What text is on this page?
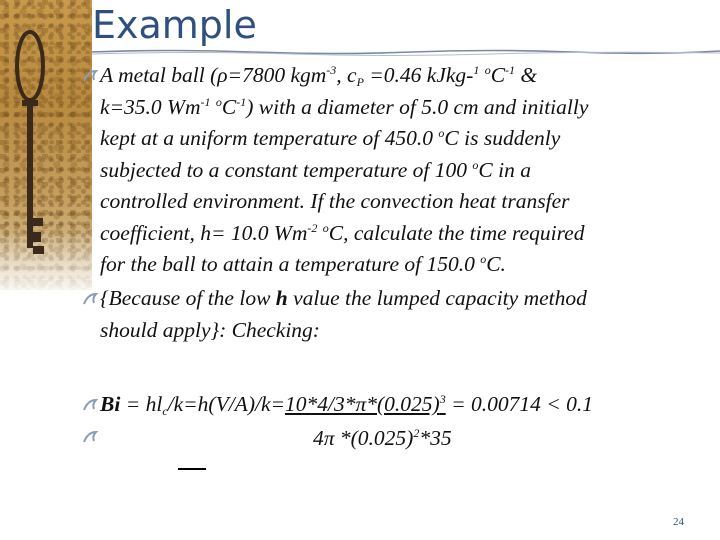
Example
A metal ball (ρ=7800 kgm$^{-3}$, $c_P =0.46$ kJkg-$^1$ $^oC^{-1}$ &
k=35.0 $Wm^{-1}$ $^oC^{-1}$) with a diameter of 5.0 cm and initially
kept at a uniform temperature of 450.0 $^o$C is suddenly
subjected to a constant temperature of 100 $^o$C in a
controlled environment. If the convection heat transfer
coefficient, h= 10.0 $Wm^{-2}$ $^o$C, calculate the time required
for the ball to attain a temperature of 150.0 $^o$C.
{Because of the low h value the lumped capacity method
should apply}: Checking:
$Bi = hl_c/k=h(V/A)/k=10*4/3*\pi*(0.025)^3 = 0.00714 < 0.1$
4π $*(0.025)^2*35$
24
